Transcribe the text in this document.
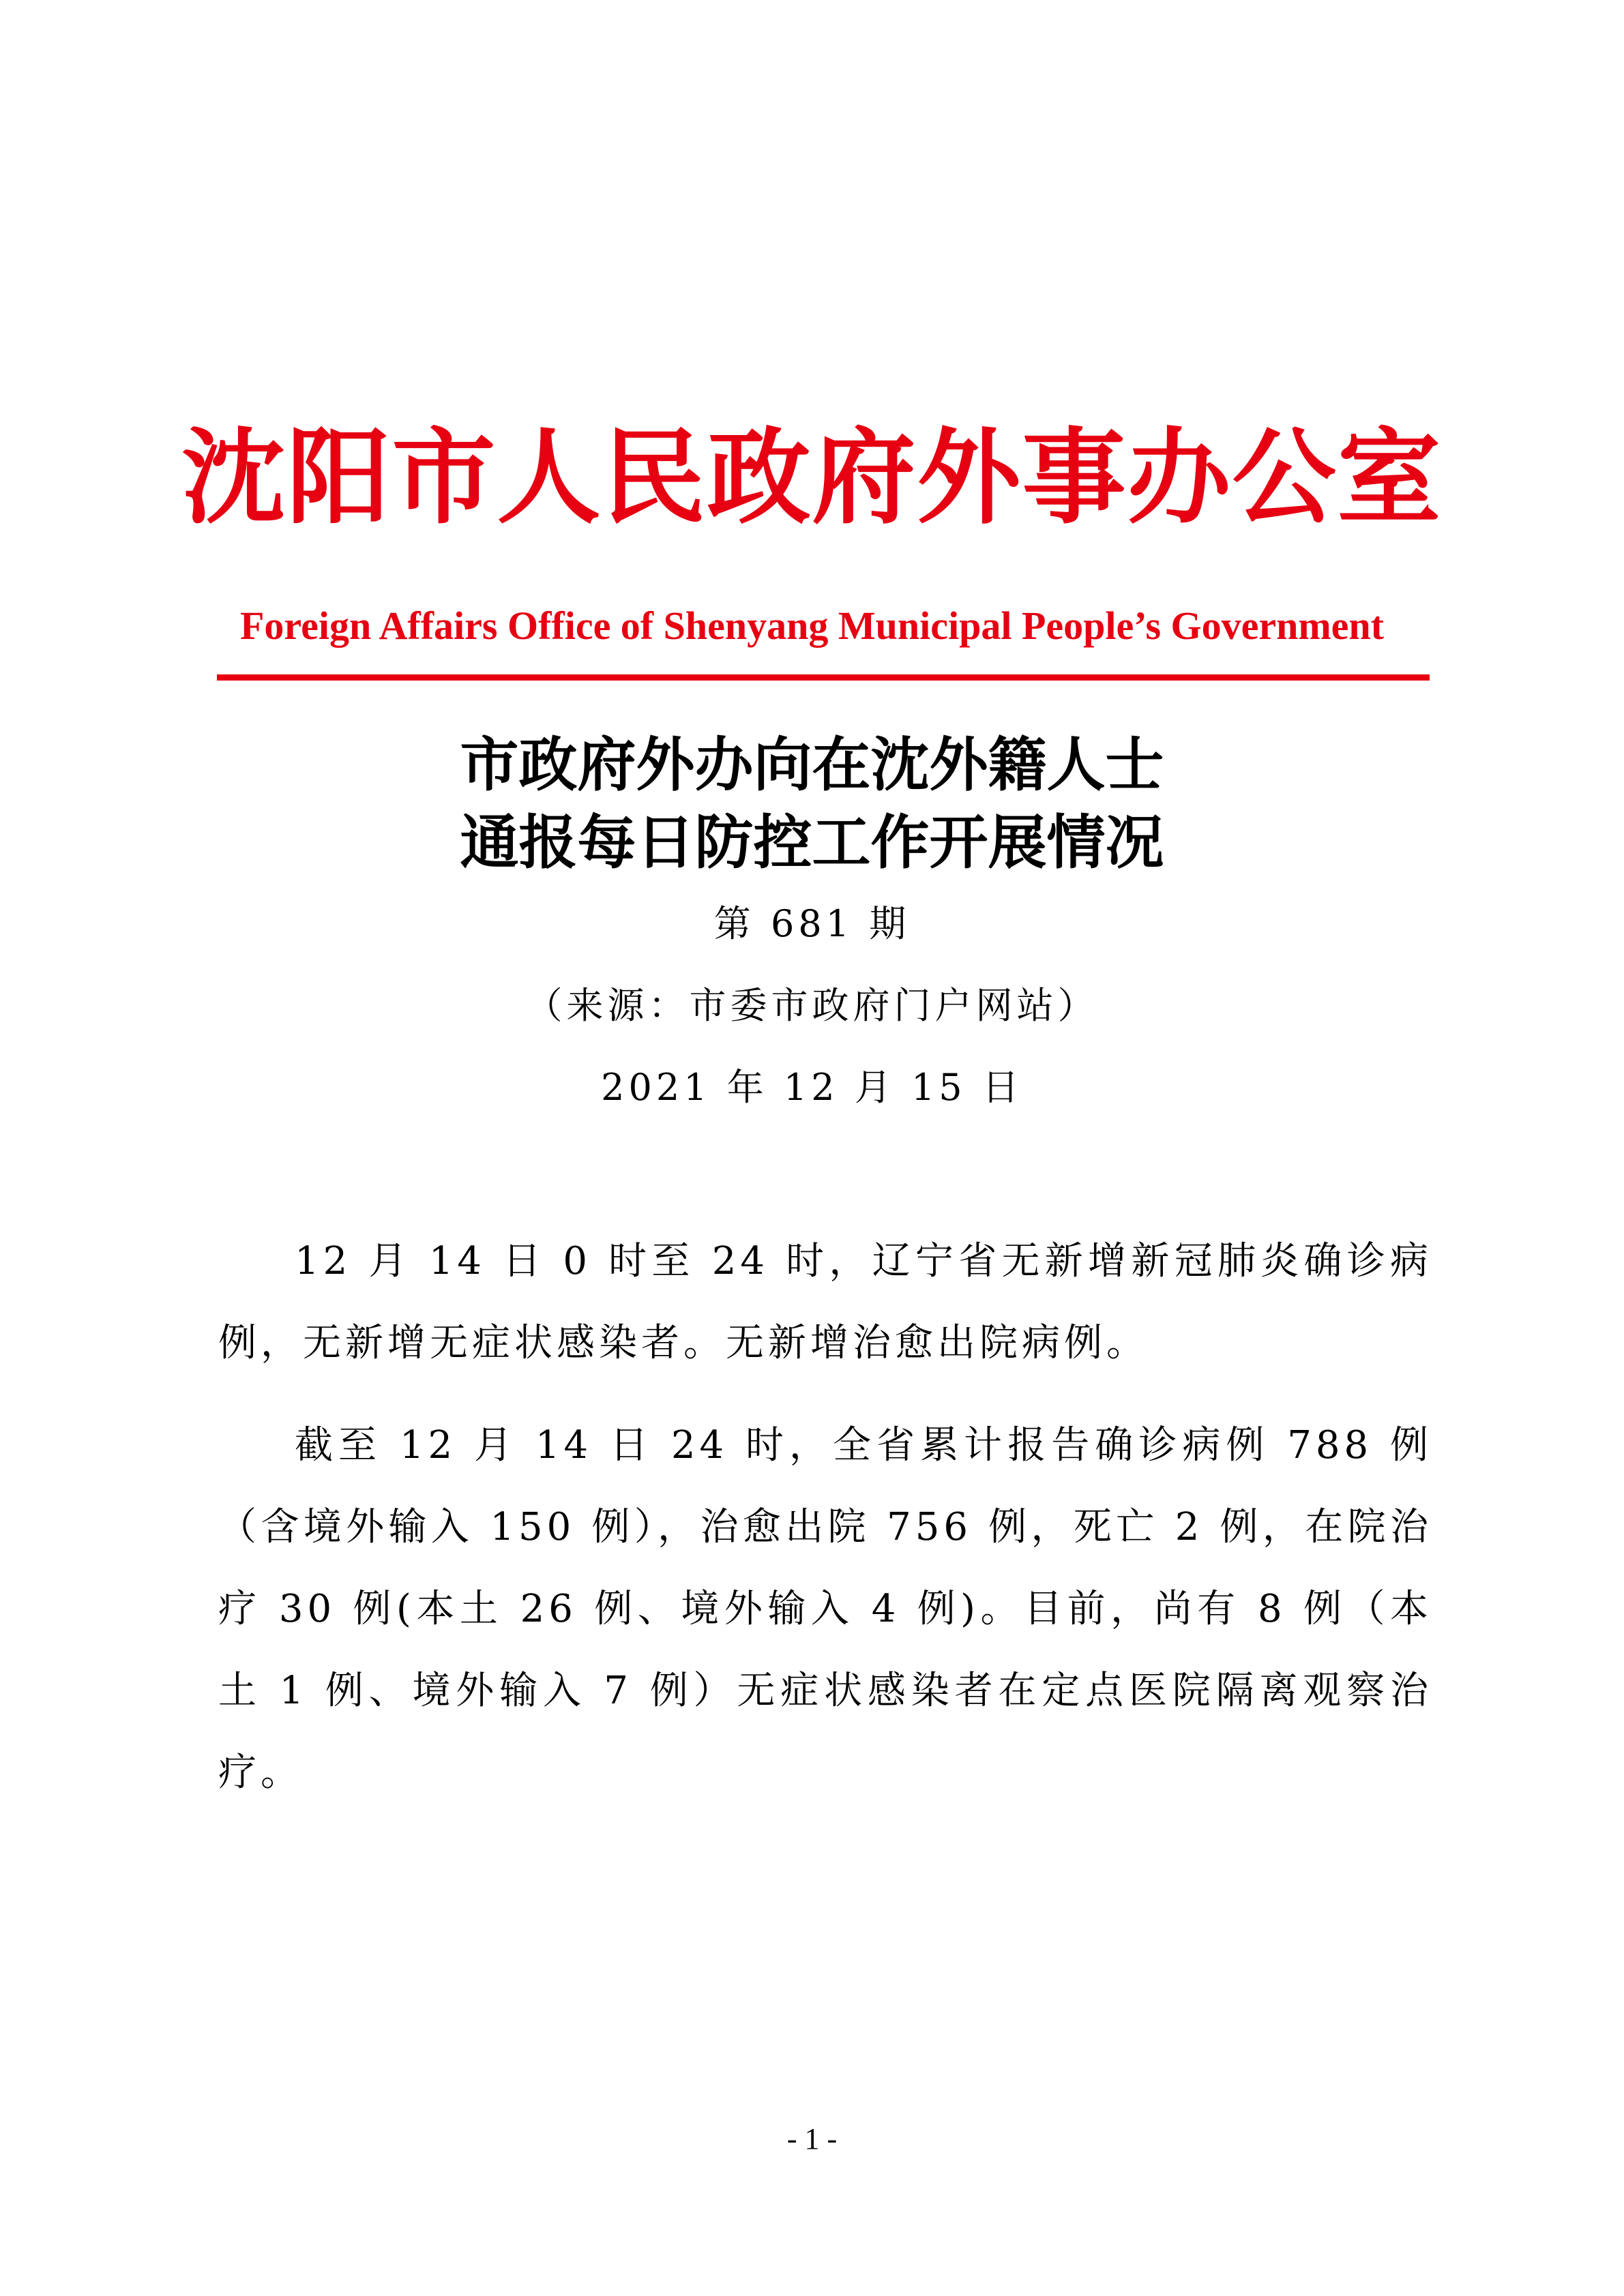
沈阳市人民政府外事办公室
Foreign Affairs Office of Shenyang Municipal People’s Government
市政府外办向在沈外籍人士
通报每日防控工作开展情况
第 681 期
（来源：市委市政府门户网站）
2021 年 12 月 15 日

12 月 14 日 0 时至 24 时，辽宁省无新增新冠肺炎确诊病例，无新增无症状感染者。无新增治愈出院病例。

截至 12 月 14 日 24 时，全省累计报告确诊病例 788 例（含境外输入 150 例），治愈出院 756 例，死亡 2 例，在院治疗 30 例(本土 26 例、境外输入 4 例)。目前，尚有 8 例（本土 1 例、境外输入 7 例）无症状感染者在定点医院隔离观察治疗。

- 1 -
